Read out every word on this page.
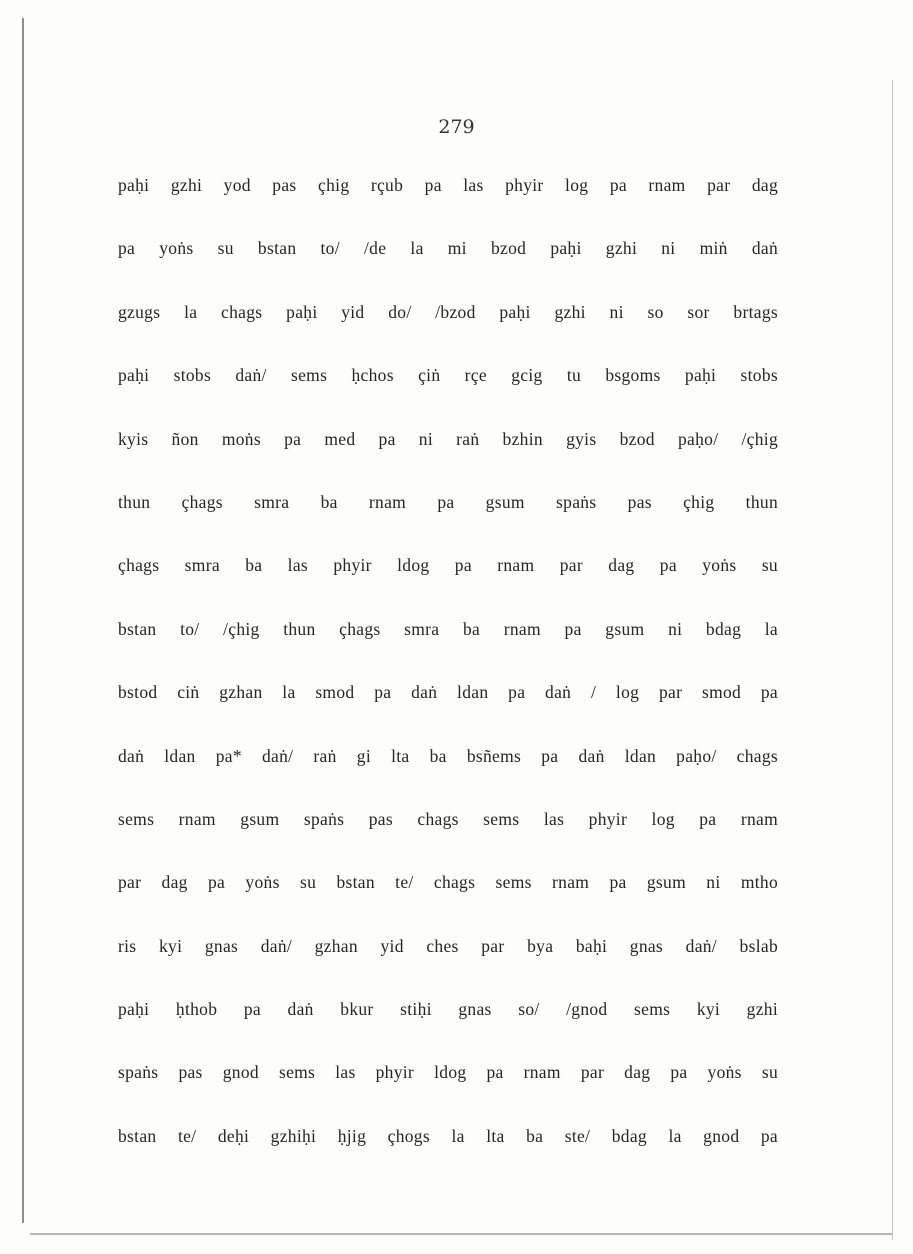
279
paḥi gzhi yod pas çhig rçub pa las phyir log pa rnam par dag
pa yoṅs su bstan to/ /de la mi bzod paḥi gzhi ni miṅ daṅ
gzugs la chags paḥi yid do/ /bzod paḥi gzhi ni so sor brtags
paḥi stobs daṅ/ sems ḥchos çiṅ rçe gcig tu bsgoms paḥi stobs
kyis ñon moṅs pa med pa ni raṅ bzhin gyis bzod paḥo/ /çhig
thun çhags smra ba rnam pa gsum spaṅs pas çhig thun
çhags smra ba las phyir ldog pa rnam par dag pa yoṅs su
bstan to/ /çhig thun çhags smra ba rnam pa gsum ni bdag la
bstod ciṅ gzhan la smod pa daṅ ldan pa daṅ / log par smod pa
daṅ ldan pa* daṅ/ raṅ gi lta ba bsñems pa daṅ ldan paḥo/ chags
sems rnam gsum spaṅs pas chags sems las phyir log pa rnam
par dag pa yoṅs su bstan te/ chags sems rnam pa gsum ni mtho
ris kyi gnas daṅ/ gzhan yid ches par bya baḥi gnas daṅ/ bslab
paḥi ḥthob pa daṅ bkur stiḥi gnas so/ /gnod sems kyi gzhi
spaṅs pas gnod sems las phyir ldog pa rnam par dag pa yoṅs su
bstan te/ deḥi gzhiḥi ḥjig çhogs la lta ba ste/ bdag la gnod pa
